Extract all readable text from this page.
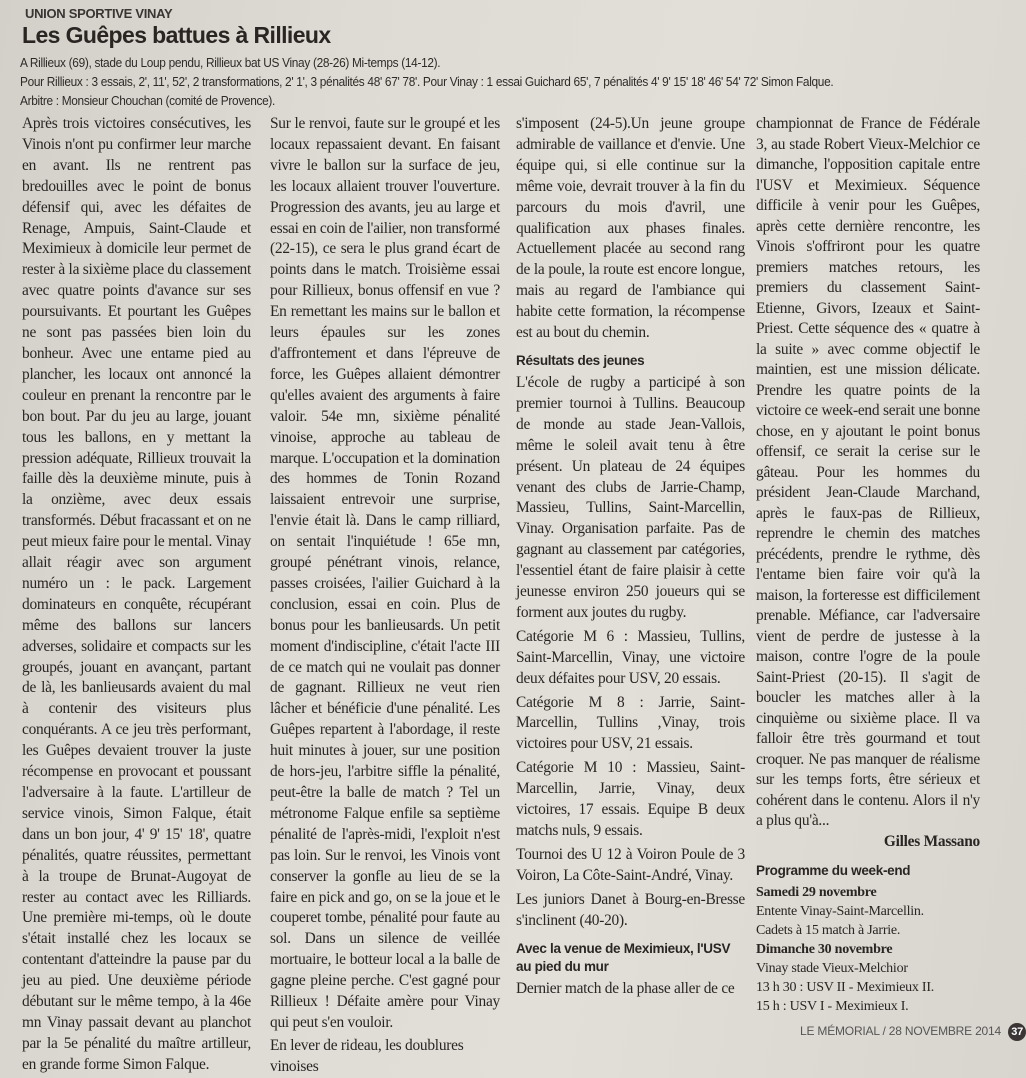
UNION SPORTIVE VINAY
Les Guêpes battues à Rillieux
A Rillieux (69), stade du Loup pendu, Rillieux bat US Vinay (28-26) Mi-temps (14-12).
Pour Rillieux : 3 essais, 2', 11', 52', 2 transformations, 2' 1', 3 pénalités 48' 67' 78'. Pour Vinay : 1 essai Guichard 65', 7 pénalités 4' 9' 15' 18' 46' 54' 72' Simon Falque.
Arbitre : Monsieur Chouchan (comité de Provence).

Après trois victoires consécutives, les Vinois n'ont pu confirmer leur marche en avant. Ils ne rentrent pas bredouilles avec le point de bonus défensif qui, avec les défaites de Renage, Ampuis, Saint-Claude et Meximieux à domicile leur permet de rester à la sixième place du classement avec quatre points d'avance sur ses poursuivants. Et pourtant les Guêpes ne sont pas passées bien loin du bonheur. Avec une entame pied au plancher, les locaux ont annoncé la couleur en prenant la rencontre par le bon bout. Par du jeu au large, jouant tous les ballons, en y mettant la pression adéquate, Rillieux trouvait la faille dès la deuxième minute, puis à la onzième, avec deux essais transformés. Début fracassant et on ne peut mieux faire pour le mental. Vinay allait réagir avec son argument numéro un : le pack. Largement dominateurs en conquête, récupérant même des ballons sur lancers adverses, solidaire et compacts sur les groupés, jouant en avançant, partant de là, les banlieusards avaient du mal à contenir des visiteurs plus conquérants. A ce jeu très performant, les Guêpes devaient trouver la juste récompense en provocant et poussant l'adversaire à la faute. L'artilleur de service vinois, Simon Falque, était dans un bon jour, 4' 9' 15' 18', quatre pénalités, quatre réussites, permettant à la troupe de Brunat-Augoyat de rester au contact avec les Rilliards. Une première mi-temps, où le doute s'était installé chez les locaux se contentant d'atteindre la pause par du jeu au pied. Une deuxième période débutant sur le même tempo, à la 46e mn Vinay passait devant au planchot par la 5e pénalité du maître artilleur, en grande forme Simon Falque.

Sur le renvoi, faute sur le groupé et les locaux repassaient devant. En faisant vivre le ballon sur la surface de jeu, les locaux allaient trouver l'ouverture. Progression des avants, jeu au large et essai en coin de l'ailier, non transformé (22-15), ce sera le plus grand écart de points dans le match. Troisième essai pour Rillieux, bonus offensif en vue ? En remettant les mains sur le ballon et leurs épaules sur les zones d'affrontement et dans l'épreuve de force, les Guêpes allaient démontrer qu'elles avaient des arguments à faire valoir. 54e mn, sixième pénalité vinoise, approche au tableau de marque. L'occupation et la domination des hommes de Tonin Rozand laissaient entrevoir une surprise, l'envie était là. Dans le camp rilliard, on sentait l'inquiétude ! 65e mn, groupé pénétrant vinois, relance, passes croisées, l'ailier Guichard à la conclusion, essai en coin. Plus de bonus pour les banlieusards. Un petit moment d'indiscipline, c'était l'acte III de ce match qui ne voulait pas donner de gagnant. Rillieux ne veut rien lâcher et bénéficie d'une pénalité. Les Guêpes repartent à l'abordage, il reste huit minutes à jouer, sur une position de hors-jeu, l'arbitre siffle la pénalité, peut-être la balle de match ? Tel un métronome Falque enfile sa septième pénalité de l'après-midi, l'exploit n'est pas loin. Sur le renvoi, les Vinois vont conserver la gonfle au lieu de se la faire en pick and go, on se la joue et le couperet tombe, pénalité pour faute au sol. Dans un silence de veillée mortuaire, le botteur local a la balle de gagne pleine perche. C'est gagné pour Rillieux ! Défaite amère pour Vinay qui peut s'en vouloir.

En lever de rideau, les doublures vinoises

s'imposent (24-5).Un jeune groupe admirable de vaillance et d'envie. Une équipe qui, si elle continue sur la même voie, devrait trouver à la fin du parcours du mois d'avril, une qualification aux phases finales. Actuellement placée au second rang de la poule, la route est encore longue, mais au regard de l'ambiance qui habite cette formation, la récompense est au bout du chemin.

Résultats des jeunes

L'école de rugby a participé à son premier tournoi à Tullins. Beaucoup de monde au stade Jean-Vallois, même le soleil avait tenu à être présent. Un plateau de 24 équipes venant des clubs de Jarrie-Champ, Massieu, Tullins, Saint-Marcellin, Vinay. Organisation parfaite. Pas de gagnant au classement par catégories, l'essentiel étant de faire plaisir à cette jeunesse environ 250 joueurs qui se forment aux joutes du rugby.

Catégorie M 6 : Massieu, Tullins, Saint-Marcellin, Vinay, une victoire deux défaites pour USV, 20 essais.

Catégorie M 8 : Jarrie, Saint-Marcellin, Tullins ,Vinay, trois victoires pour USV, 21 essais.

Catégorie M 10 : Massieu, Saint-Marcellin, Jarrie, Vinay, deux victoires, 17 essais. Equipe B deux matchs nuls, 9 essais.

Tournoi des U 12 à Voiron Poule de 3 Voiron, La Côte-Saint-André, Vinay.

Les juniors Danet à Bourg-en-Bresse s'inclinent (40-20).

Avec la venue de Meximieux, l'USV au pied du mur

Dernier match de la phase aller de ce

championnat de France de Fédérale 3, au stade Robert Vieux-Melchior ce dimanche, l'opposition capitale entre l'USV et Meximieux. Séquence difficile à venir pour les Guêpes, après cette dernière rencontre, les Vinois s'offriront pour les quatre premiers matches retours, les premiers du classement Saint-Etienne, Givors, Izeaux et Saint-Priest. Cette séquence des « quatre à la suite » avec comme objectif le maintien, est une mission délicate. Prendre les quatre points de la victoire ce week-end serait une bonne chose, en y ajoutant le point bonus offensif, ce serait la cerise sur le gâteau. Pour les hommes du président Jean-Claude Marchand, après le faux-pas de Rillieux, reprendre le chemin des matches précédents, prendre le rythme, dès l'entame bien faire voir qu'à la maison, la forteresse est difficilement prenable. Méfiance, car l'adversaire vient de perdre de justesse à la maison, contre l'ogre de la poule Saint-Priest (20-15). Il s'agit de boucler les matches aller à la cinquième ou sixième place. Il va falloir être très gourmand et tout croquer. Ne pas manquer de réalisme sur les temps forts, être sérieux et cohérent dans le contenu. Alors il n'y a plus qu'à...

Gilles Massano

Programme du week-end
Samedi 29 novembre
Entente Vinay-Saint-Marcellin.
Cadets à 15 match à Jarrie.
Dimanche 30 novembre
Vinay stade Vieux-Melchior
13 h 30 : USV II - Meximieux II.
15 h : USV I - Meximieux I.
LE MÉMORIAL / 28 NOVEMBRE 2014 37
